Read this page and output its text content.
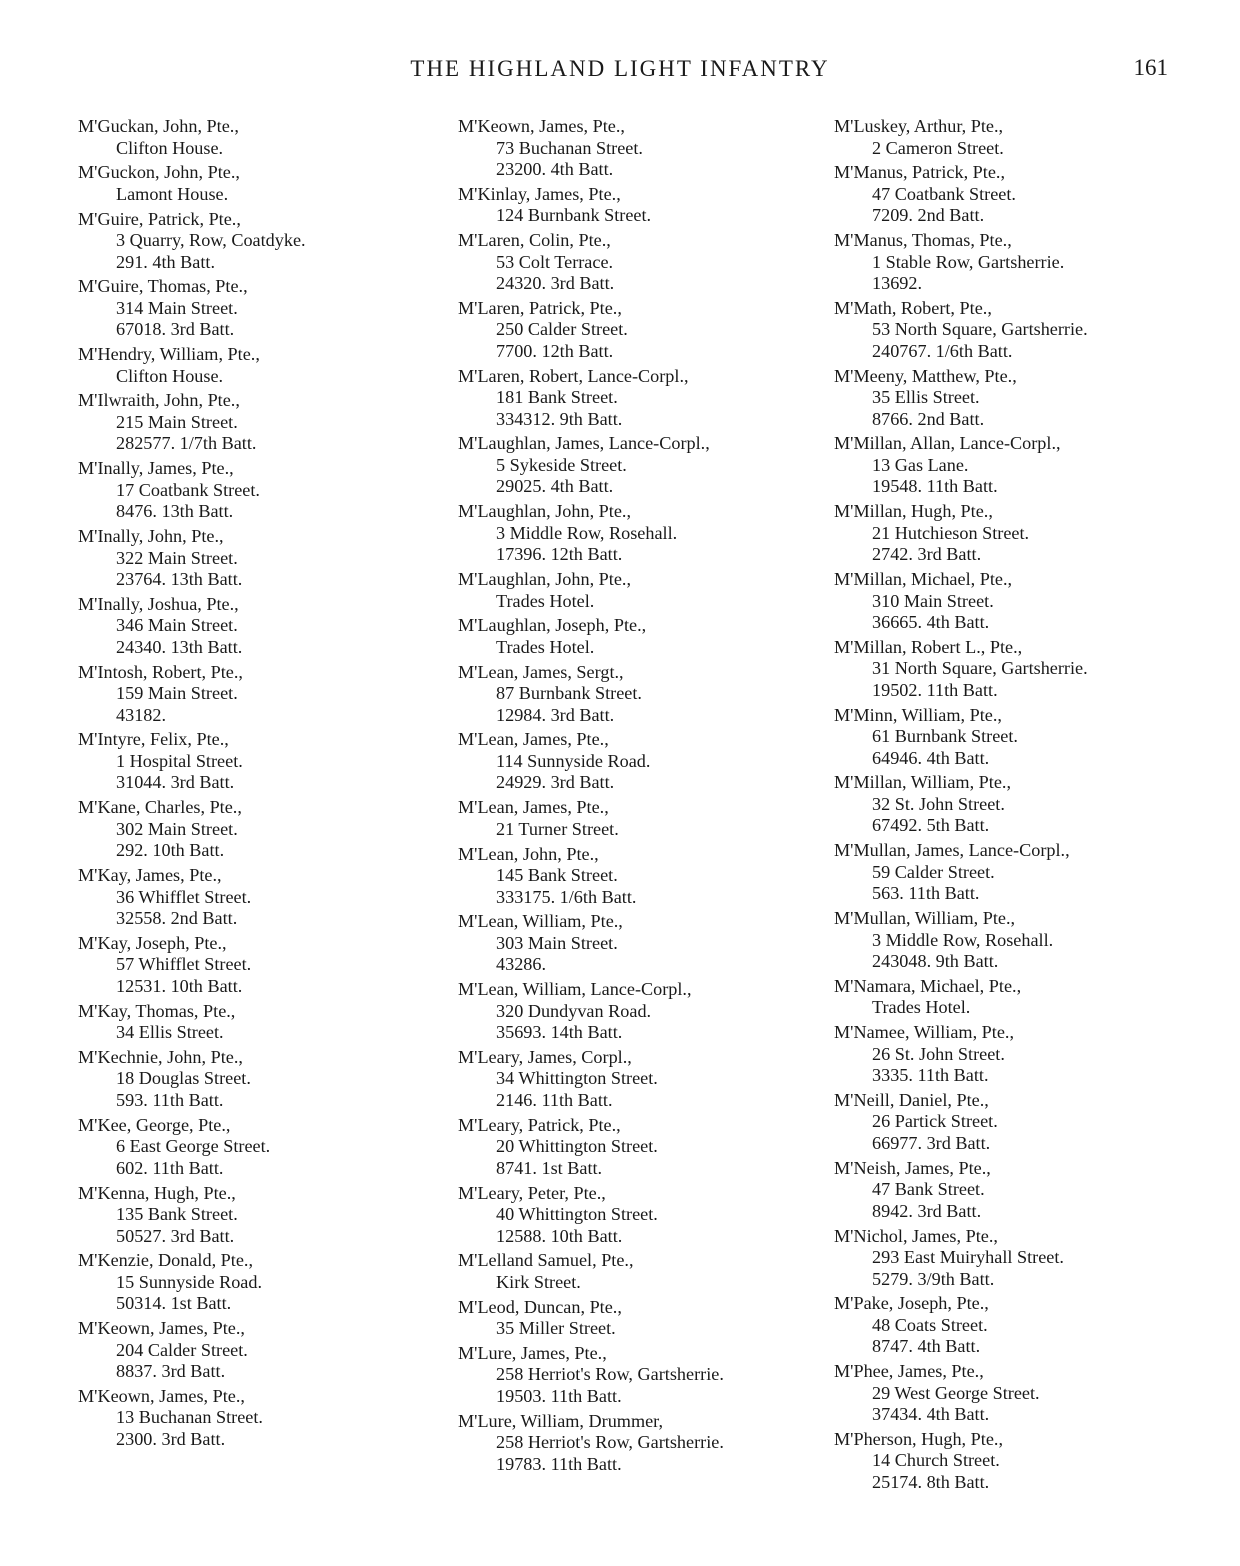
THE HIGHLAND LIGHT INFANTRY	161
M'Guckan, John, Pte.,
Clifton House.
M'Guckon, John, Pte.,
Lamont House.
M'Guire, Patrick, Pte.,
3 Quarry, Row, Coatdyke.
291. 4th Batt.
M'Guire, Thomas, Pte.,
314 Main Street.
67018. 3rd Batt.
M'Hendry, William, Pte.,
Clifton House.
M'Ilwraith, John, Pte.,
215 Main Street.
282577. 1/7th Batt.
M'Inally, James, Pte.,
17 Coatbank Street.
8476. 13th Batt.
M'Inally, John, Pte.,
322 Main Street.
23764. 13th Batt.
M'Inally, Joshua, Pte.,
346 Main Street.
24340. 13th Batt.
M'Intosh, Robert, Pte.,
159 Main Street.
43182.
M'Intyre, Felix, Pte.,
1 Hospital Street.
31044. 3rd Batt.
M'Kane, Charles, Pte.,
302 Main Street.
292. 10th Batt.
M'Kay, James, Pte.,
36 Whifflet Street.
32558. 2nd Batt.
M'Kay, Joseph, Pte.,
57 Whifflet Street.
12531. 10th Batt.
M'Kay, Thomas, Pte.,
34 Ellis Street.
M'Kechnie, John, Pte.,
18 Douglas Street.
593. 11th Batt.
M'Kee, George, Pte.,
6 East George Street.
602. 11th Batt.
M'Kenna, Hugh, Pte.,
135 Bank Street.
50527. 3rd Batt.
M'Kenzie, Donald, Pte.,
15 Sunnyside Road.
50314. 1st Batt.
M'Keown, James, Pte.,
204 Calder Street.
8837. 3rd Batt.
M'Keown, James, Pte.,
13 Buchanan Street.
2300. 3rd Batt.
M'Keown, James, Pte.,
73 Buchanan Street.
23200. 4th Batt.
M'Kinlay, James, Pte.,
124 Burnbank Street.
M'Laren, Colin, Pte.,
53 Colt Terrace.
24320. 3rd Batt.
M'Laren, Patrick, Pte.,
250 Calder Street.
7700. 12th Batt.
M'Laren, Robert, Lance-Corpl.,
181 Bank Street.
334312. 9th Batt.
M'Laughlan, James, Lance-Corpl.,
5 Sykeside Street.
29025. 4th Batt.
M'Laughlan, John, Pte.,
3 Middle Row, Rosehall.
17396. 12th Batt.
M'Laughlan, John, Pte.,
Trades Hotel.
M'Laughlan, Joseph, Pte.,
Trades Hotel.
M'Lean, James, Sergt.,
87 Burnbank Street.
12984. 3rd Batt.
M'Lean, James, Pte.,
114 Sunnyside Road.
24929. 3rd Batt.
M'Lean, James, Pte.,
21 Turner Street.
M'Lean, John, Pte.,
145 Bank Street.
333175. 1/6th Batt.
M'Lean, William, Pte.,
303 Main Street.
43286.
M'Lean, William, Lance-Corpl.,
320 Dundyvan Road.
35693. 14th Batt.
M'Leary, James, Corpl.,
34 Whittington Street.
2146. 11th Batt.
M'Leary, Patrick, Pte.,
20 Whittington Street.
8741. 1st Batt.
M'Leary, Peter, Pte.,
40 Whittington Street.
12588. 10th Batt.
M'Lelland Samuel, Pte.,
Kirk Street.
M'Leod, Duncan, Pte.,
35 Miller Street.
M'Lure, James, Pte.,
258 Herriot's Row, Gartsherrie.
19503. 11th Batt.
M'Lure, William, Drummer,
258 Herriot's Row, Gartsherrie.
19783. 11th Batt.
M'Luskey, Arthur, Pte.,
2 Cameron Street.
M'Manus, Patrick, Pte.,
47 Coatbank Street.
7209. 2nd Batt.
M'Manus, Thomas, Pte.,
1 Stable Row, Gartsherrie.
13692.
M'Math, Robert, Pte.,
53 North Square, Gartsherrie.
240767. 1/6th Batt.
M'Meeny, Matthew, Pte.,
35 Ellis Street.
8766. 2nd Batt.
M'Millan, Allan, Lance-Corpl.,
13 Gas Lane.
19548. 11th Batt.
M'Millan, Hugh, Pte.,
21 Hutchieson Street.
2742. 3rd Batt.
M'Millan, Michael, Pte.,
310 Main Street.
36665. 4th Batt.
M'Millan, Robert L., Pte.,
31 North Square, Gartsherrie.
19502. 11th Batt.
M'Minn, William, Pte.,
61 Burnbank Street.
64946. 4th Batt.
M'Millan, William, Pte.,
32 St. John Street.
67492. 5th Batt.
M'Mullan, James, Lance-Corpl.,
59 Calder Street.
563. 11th Batt.
M'Mullan, William, Pte.,
3 Middle Row, Rosehall.
243048. 9th Batt.
M'Namara, Michael, Pte.,
Trades Hotel.
M'Namee, William, Pte.,
26 St. John Street.
3335. 11th Batt.
M'Neill, Daniel, Pte.,
26 Partick Street.
66977. 3rd Batt.
M'Neish, James, Pte.,
47 Bank Street.
8942. 3rd Batt.
M'Nichol, James, Pte.,
293 East Muiryhall Street.
5279. 3/9th Batt.
M'Pake, Joseph, Pte.,
48 Coats Street.
8747. 4th Batt.
M'Phee, James, Pte.,
29 West George Street.
37434. 4th Batt.
M'Pherson, Hugh, Pte.,
14 Church Street.
25174. 8th Batt.
